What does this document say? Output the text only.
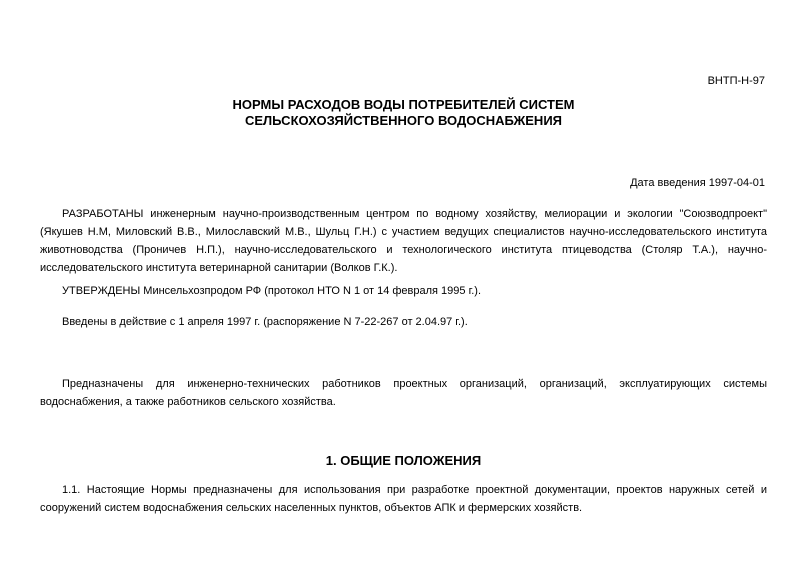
ВНТП-Н-97
НОРМЫ РАСХОДОВ ВОДЫ ПОТРЕБИТЕЛЕЙ СИСТЕМ
СЕЛЬСКОХОЗЯЙСТВЕННОГО ВОДОСНАБЖЕНИЯ
Дата введения 1997-04-01

РАЗРАБОТАНЫ инженерным научно-производственным центром по водному хозяйству, мелиорации и экологии "Союзводпроект" (Якушев Н.М, Миловский В.В., Милославский М.В., Шульц Г.Н.) с участием ведущих специалистов научно-исследовательского института животноводства (Проничев Н.П.), научно-исследовательского и технологического института птицеводства (Столяр Т.А.), научно-исследовательского института ветеринарной санитарии (Волков Г.К.).

УТВЕРЖДЕНЫ Минсельхозпродом РФ (протокол НТО N 1 от 14 февраля 1995 г.).

Введены в действие с 1 апреля 1997 г. (распоряжение N 7-22-267 от 2.04.97 г.).

Предназначены для инженерно-технических работников проектных организаций, организаций, эксплуатирующих системы водоснабжения, а также работников сельского хозяйства.

1. ОБЩИЕ ПОЛОЖЕНИЯ

1.1. Настоящие Нормы предназначены для использования при разработке проектной документации, проектов наружных сетей и сооружений систем водоснабжения сельских населенных пунктов, объектов АПК и фермерских хозяйств.
